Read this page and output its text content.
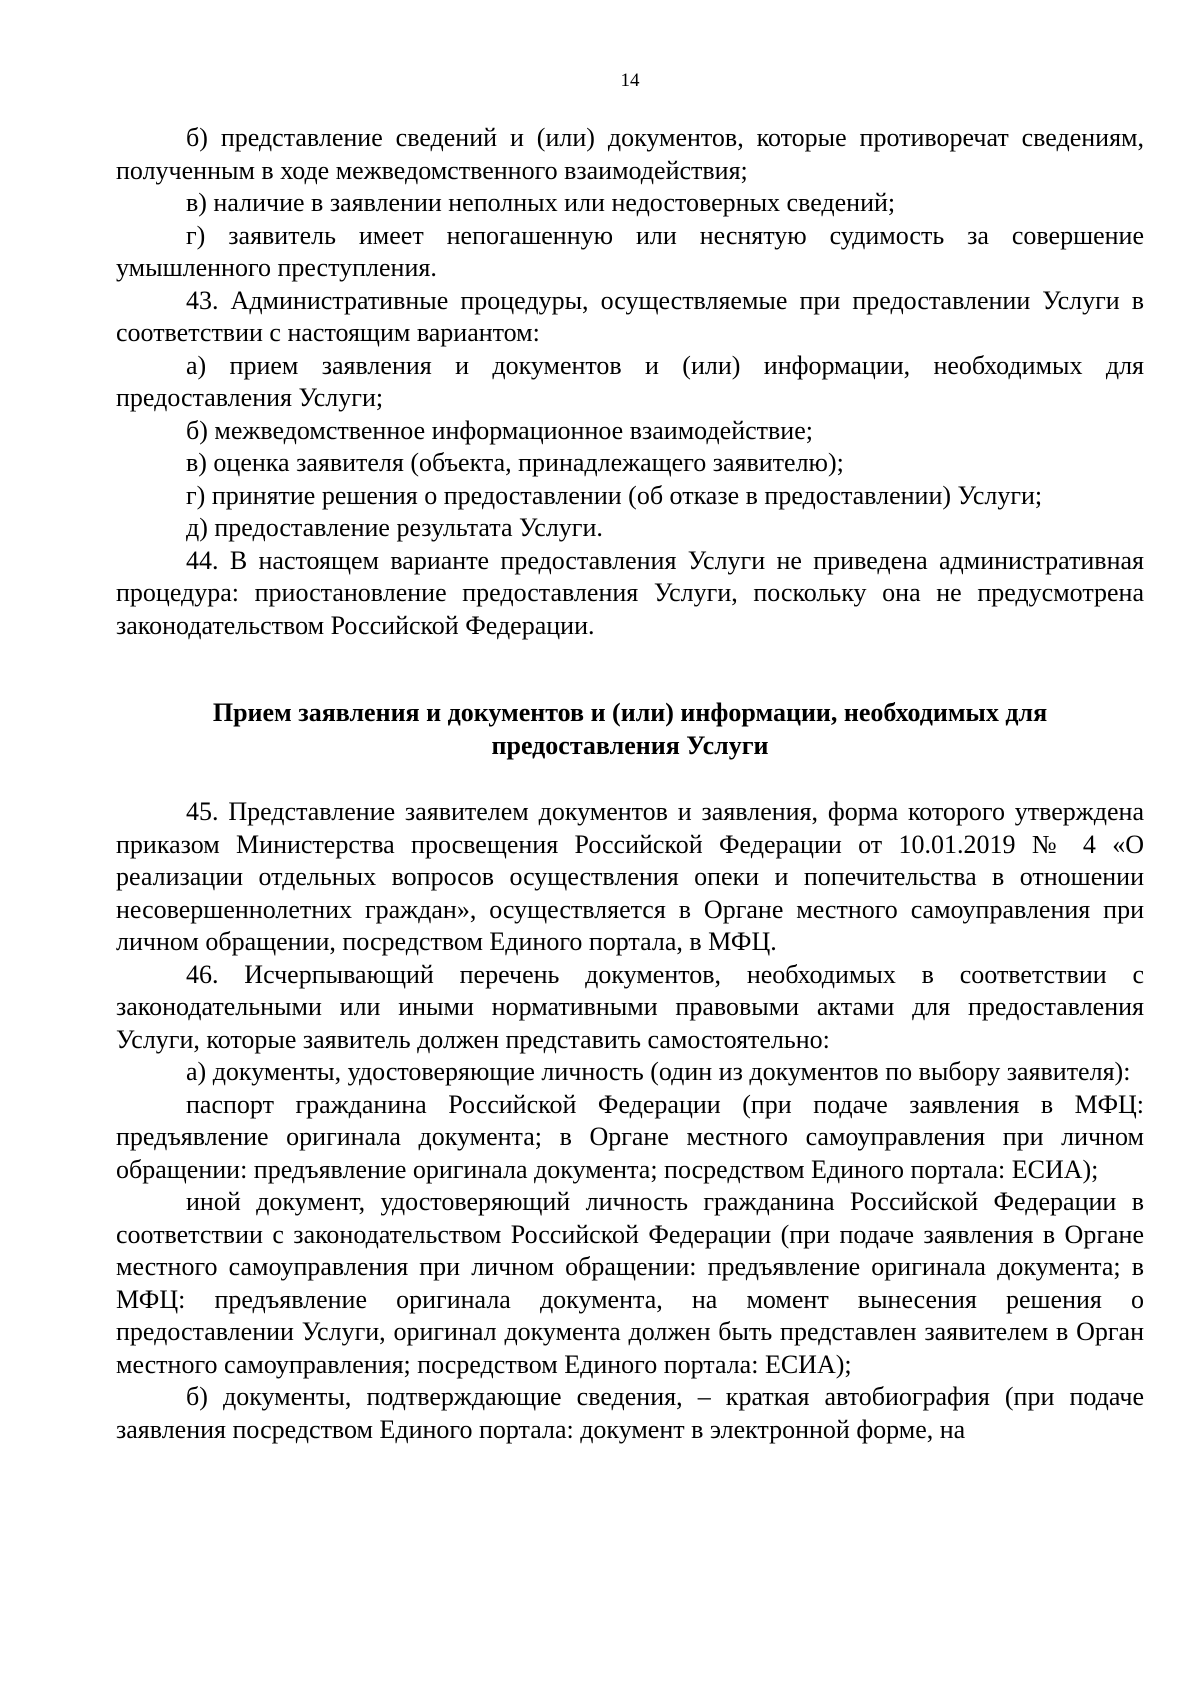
14

б) представление сведений и (или) документов, которые противоречат сведениям, полученным в ходе межведомственного взаимодействия;

в) наличие в заявлении неполных или недостоверных сведений;

г) заявитель имеет непогашенную или неснятую судимость за совершение умышленного преступления.

43. Административные процедуры, осуществляемые при предоставлении Услуги в соответствии с настоящим вариантом:

а) прием заявления и документов и (или) информации, необходимых для предоставления Услуги;

б) межведомственное информационное взаимодействие;

в) оценка заявителя (объекта, принадлежащего заявителю);

г) принятие решения о предоставлении (об отказе в предоставлении) Услуги;

д) предоставление результата Услуги.

44. В настоящем варианте предоставления Услуги не приведена административная процедура: приостановление предоставления Услуги, поскольку она не предусмотрена законодательством Российской Федерации.

Прием заявления и документов и (или) информации, необходимых для
предоставления Услуги

45. Представление заявителем документов и заявления, форма которого утверждена приказом Министерства просвещения Российской Федерации от 10.01.2019 № 4 «О реализации отдельных вопросов осуществления опеки и попечительства в отношении несовершеннолетних граждан», осуществляется в Органе местного самоуправления при личном обращении, посредством Единого портала, в МФЦ.

46. Исчерпывающий перечень документов, необходимых в соответствии с законодательными или иными нормативными правовыми актами для предоставления Услуги, которые заявитель должен представить самостоятельно:

а) документы, удостоверяющие личность (один из документов по выбору заявителя):

паспорт гражданина Российской Федерации (при подаче заявления в МФЦ: предъявление оригинала документа; в Органе местного самоуправления при личном обращении: предъявление оригинала документа; посредством Единого портала: ЕСИА);

иной документ, удостоверяющий личность гражданина Российской Федерации в соответствии с законодательством Российской Федерации (при подаче заявления в Органе местного самоуправления при личном обращении: предъявление оригинала документа; в МФЦ: предъявление оригинала документа, на момент вынесения решения о предоставлении Услуги, оригинал документа должен быть представлен заявителем в Орган местного самоуправления; посредством Единого портала: ЕСИА);

б) документы, подтверждающие сведения, – краткая автобиография (при подаче заявления посредством Единого портала: документ в электронной форме, на
